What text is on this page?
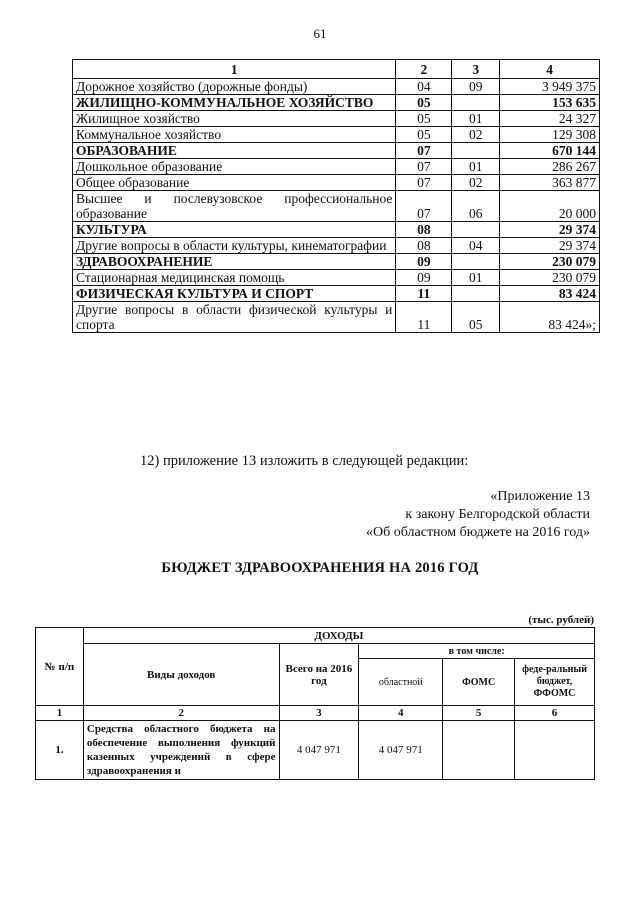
61
1	2	3	4
Дорожное хозяйство (дорожные фонды)	04	09	3 949 375
ЖИЛИЩНО-КОММУНАЛЬНОЕ ХОЗЯЙСТВО	05		153 635
Жилищное хозяйство	05	01	24 327
Коммунальное хозяйство	05	02	129 308
ОБРАЗОВАНИЕ	07		670 144
Дошкольное образование	07	01	286 267
Общее образование	07	02	363 877
Высшее и послевузовское профессиональное образование	07	06	20 000
КУЛЬТУРА	08		29 374
Другие вопросы в области культуры, кинематографии	08	04	29 374
ЗДРАВООХРАНЕНИЕ	09		230 079
Стационарная медицинская помощь	09	01	230 079
ФИЗИЧЕСКАЯ КУЛЬТУРА И СПОРТ	11		83 424
Другие вопросы в области физической культуры и спорта	11	05	83 424»;
12) приложение 13 изложить в следующей редакции:
«Приложение 13
к закону Белгородской области
«Об областном бюджете на 2016 год»
БЮДЖЕТ ЗДРАВООХРАНЕНИЯ НА 2016 ГОД
(тыс. рублей)
№ п/п	ДОХОДЫ				
	Виды доходов	Всего на 2016 год	в том числе:		
			областной	ФОМС	феде-ральный бюджет, ФФОМС
1	2	3	4	5	6
1.	Средства областного бюджета на обеспечение выполнения функций казенных учреждений в сфере здравоохранения и	4 047 971	4 047 971		
